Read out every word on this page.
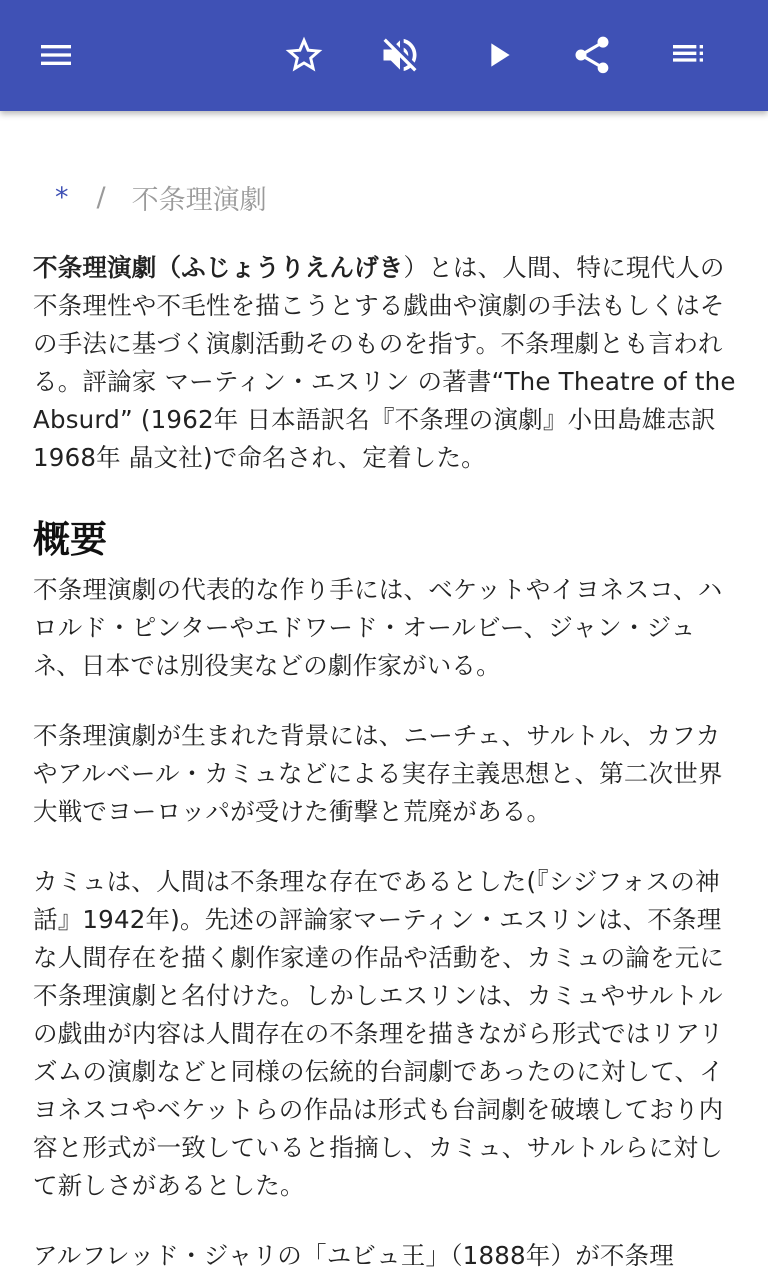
* / 不条理演劇

不条理演劇（ふじょうりえんげき）とは、人間、特に現代人の不条理性や不毛性を描こうとする戯曲や演劇の手法もしくはその手法に基づく演劇活動そのものを指す。不条理劇とも言われる。評論家 マーティン・エスリン の著書“The Theatre of the Absurd” (1962年 日本語訳名『不条理の演劇』小田島雄志訳 1968年 晶文社)で命名され、定着した。

概要

不条理演劇の代表的な作り手には、ベケットやイヨネスコ、ハロルド・ピンターやエドワード・オールビー、ジャン・ジュネ、日本では別役実などの劇作家がいる。

不条理演劇が生まれた背景には、ニーチェ、サルトル、カフカやアルベール・カミュなどによる実存主義思想と、第二次世界大戦でヨーロッパが受けた衝撃と荒廃がある。

カミュは、人間は不条理な存在であるとした(『シジフォスの神話』1942年)。先述の評論家マーティン・エスリンは、不条理な人間存在を描く劇作家達の作品や活動を、カミュの論を元に不条理演劇と名付けた。しかしエスリンは、カミュやサルトルの戯曲が内容は人間存在の不条理を描きながら形式ではリアリズムの演劇などと同様の伝統的台詞劇であったのに対して、イヨネスコやベケットらの作品は形式も台詞劇を破壊しており内容と形式が一致していると指摘し、カミュ、サルトルらに対して新しさがあるとした。

アルフレッド・ジャリの「ユビュ王」（1888年）が不条理
